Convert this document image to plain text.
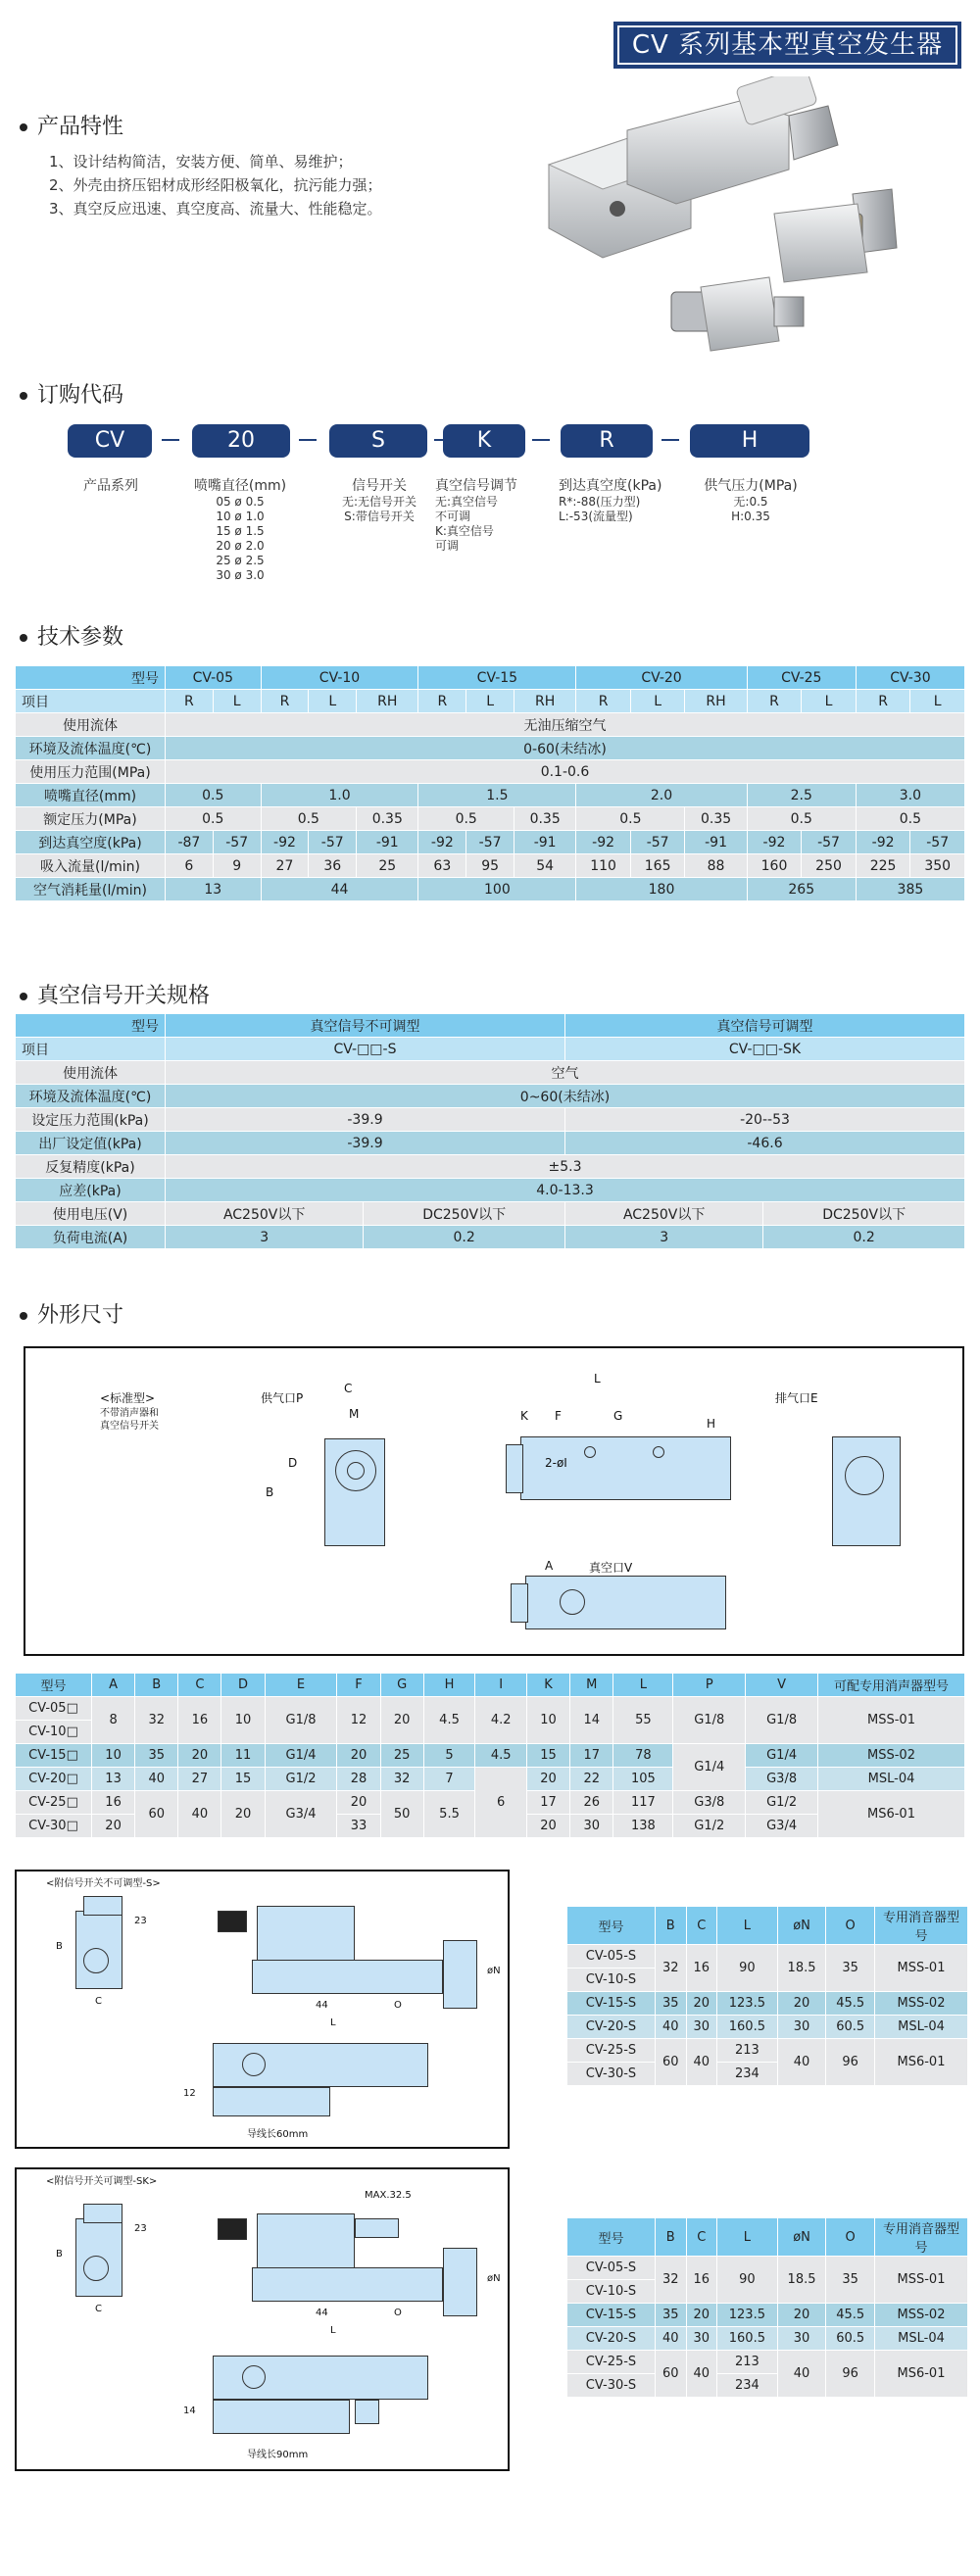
CV 系列基本型真空发生器
产品特性
1、设计结构简洁，安装方便、简单、易维护；
2、外壳由挤压铝材成形经阳极氧化，抗污能力强；
3、真空反应迅速、真空度高、流量大、性能稳定。
订购代码
CV	20	S	K	R	H
产品系列	喷嘴直径(mm)
05 ø 0.5
10 ø 1.0
15 ø 1.5
20 ø 2.0
25 ø 2.5
30 ø 3.0
信号开关
无:无信号开关
S:带信号开关
真空信号调节
无:真空信号
不可调
K:真空信号
可调
到达真空度(kPa)
R*:-88(压力型)
L:-53(流量型)
供气压力(MPa)
无:0.5
H:0.35
技术参数
型号	CV-05		CV-10			CV-15			CV-20			CV-25		CV-30	
项目	R	L	R	L	RH	R	L	RH	R	L	RH	R	L	R	L
使用流体	无油压缩空气														
环境及流体温度(℃)	0-60(未结冰)														
使用压力范围(MPa)	0.1-0.6														
喷嘴直径(mm)	0.5		1.0			1.5			2.0			2.5		3.0	
额定压力(MPa)	0.5		0.5		0.35	0.5		0.35	0.5		0.35	0.5		0.5	
到达真空度(kPa)	-87	-57	-92	-57	-91	-92	-57	-91	-92	-57	-91	-92	-57	-92	-57
吸入流量(l/min)	6	9	27	36	25	63	95	54	110	165	88	160	250	225	350
空气消耗量(l/min)	13		44			100			180			265		385	
真空信号开关规格
型号	真空信号不可调型		真空信号可调型	
项目	CV-□□-S		CV-□□-SK	
使用流体	空气			
环境及流体温度(℃)	0~60(未结冰)			
设定压力范围(kPa)	-39.9		-20--53	
出厂设定值(kPa)	-39.9		-46.6	
反复精度(kPa)	±5.3			
应差(kPa)	4.0-13.3			
使用电压(V)	AC250V以下	DC250V以下	AC250V以下	DC250V以下
负荷电流(A)	3	0.2	3	0.2
外形尺寸
<标准型>
不带消声器和
真空信号开关
供气口P
C
M
D
B
L
K F	G
H
2-øI
排气口E
A	真空口V
型号	A	B	C	D	E	F	G	H	I	K	M	L	P	V	可配专用消声器型号
CV-05□	8	32	16	10	G1/8	12	20	4.5	4.2	10	14	55	G1/8	G1/8	MSS-01
CV-10□															
CV-15□	10	35	20	11	G1/4	20	25	5	4.5	15	17	78	G1/4	G1/4	MSS-02
CV-20□	13	40	27	15	G1/2	28	32	7	6	20	22	105		G3/8	MSL-04
CV-25□	16	60	40	20	G3/4	20	50	5.5		17	26	117	G3/8	G1/2	MS6-01
CV-30□	20					33				20	30	138	G1/2	G3/4	
<附信号开关不可调型-S>
B
23
C	44	O
L
øN
12
导线长60mm
<附信号开关可调型-SK>
B
23
C
MAX.32.5
44	O
L
øN
14
导线长90mm
型号	B	C	L	øN	O	专用消音器型号
CV-05-S	32	16	90	18.5	35	MSS-01
CV-10-S						
CV-15-S	35	20	123.5	20	45.5	MSS-02
CV-20-S	40	30	160.5	30	60.5	MSL-04
CV-25-S	60	40	213	40	96	MS6-01
CV-30-S			234			
型号	B	C	L	øN	O	专用消音器型号
CV-05-S	32	16	90	18.5	35	MSS-01
CV-10-S						
CV-15-S	35	20	123.5	20	45.5	MSS-02
CV-20-S	40	30	160.5	30	60.5	MSL-04
CV-25-S	60	40	213	40	96	MS6-01
CV-30-S			234			
